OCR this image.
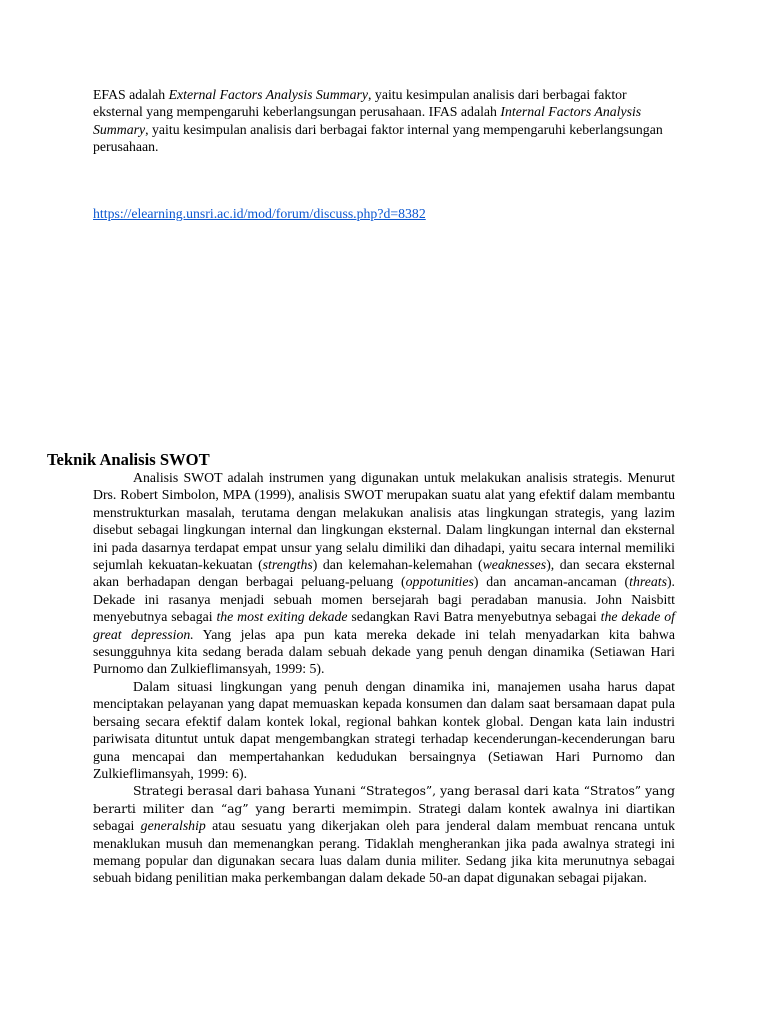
EFAS adalah External Factors Analysis Summary, yaitu kesimpulan analisis dari berbagai faktor eksternal yang mempengaruhi keberlangsungan perusahaan. IFAS adalah Internal Factors Analysis Summary, yaitu kesimpulan analisis dari berbagai faktor internal yang mempengaruhi keberlangsungan perusahaan.

https://elearning.unsri.ac.id/mod/forum/discuss.php?d=8382
Teknik Analisis SWOT

Analisis SWOT adalah instrumen yang digunakan untuk melakukan analisis strategis. Menurut Drs. Robert Simbolon, MPA (1999), analisis SWOT merupakan suatu alat yang efektif dalam membantu menstrukturkan masalah, terutama dengan melakukan analisis atas lingkungan strategis, yang lazim disebut sebagai lingkungan internal dan lingkungan eksternal. Dalam lingkungan internal dan eksternal ini pada dasarnya terdapat empat unsur yang selalu dimiliki dan dihadapi, yaitu secara internal memiliki sejumlah kekuatan-kekuatan (strengths) dan kelemahan-kelemahan (weaknesses), dan secara eksternal akan berhadapan dengan berbagai peluang-peluang (oppotunities) dan ancaman-ancaman (threats). Dekade ini rasanya menjadi sebuah momen bersejarah bagi peradaban manusia. John Naisbitt menyebutnya sebagai the most exiting dekade sedangkan Ravi Batra menyebutnya sebagai the dekade of great depression. Yang jelas apa pun kata mereka dekade ini telah menyadarkan kita bahwa sesungguhnya kita sedang berada dalam sebuah dekade yang penuh dengan dinamika (Setiawan Hari Purnomo dan Zulkieflimansyah, 1999: 5).

Dalam situasi lingkungan yang penuh dengan dinamika ini, manajemen usaha harus dapat menciptakan pelayanan yang dapat memuaskan kepada konsumen dan dalam saat bersamaan dapat pula bersaing secara efektif dalam kontek lokal, regional bahkan kontek global. Dengan kata lain industri pariwisata dituntut untuk dapat mengembangkan strategi terhadap kecenderungan-kecenderungan baru guna mencapai dan mempertahankan kedudukan bersaingnya (Setiawan Hari Purnomo dan Zulkieflimansyah, 1999: 6).

Strategi berasal dari bahasa Yunani “Strategos”, yang berasal dari kata “Stratos” yang berarti militer dan “ag” yang berarti memimpin. Strategi dalam kontek awalnya ini diartikan sebagai generalship atau sesuatu yang dikerjakan oleh para jenderal dalam membuat rencana untuk menaklukan musuh dan memenangkan perang. Tidaklah mengherankan jika pada awalnya strategi ini memang popular dan digunakan secara luas dalam dunia militer. Sedang jika kita merunutnya sebagai sebuah bidang penilitian maka perkembangan dalam dekade 50-an dapat digunakan sebagai pijakan.
